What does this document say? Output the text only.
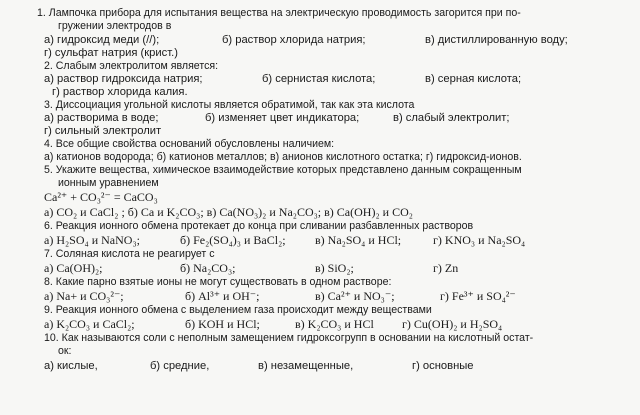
1. Лампочка прибора для испытания вещества на электрическую проводимость загорится при по-
гружении электродов в
а) гидроксид меди (//);	б) раствор хлорида натрия;	в) дистиллированную воду;
г) сульфат натрия (крист.)
2. Слабым электролитом является:
а) раствор гидроксида натрия;	б) сернистая кислота;	в) серная кислота;
г) раствор хлорида калия.
3. Диссоциация угольной кислоты является обратимой, так как эта кислота
а) растворима в воде;	б) изменяет цвет индикатора;	в) слабый электролит;
г) сильный электролит
4. Все общие свойства оснований обусловлены наличием:
а) катионов водорода; б) катионов металлов; в) анионов кислотного остатка; г) гидроксид-ионов.
5. Укажите вещества, химическое взаимодействие которых представлено данным сокращенным
ионным уравнением
Ca²⁺ + CO₃²⁻ = CaCO₃
а) CO₂ и CaCl₂ ; б) Ca и K₂CO₃; в) Ca(NO₃)₂ и Na₂CO₃; в) Ca(OH)₂ и CO₂
6. Реакция ионного обмена протекает до конца при сливании разбавленных растворов
а) H₂SO₄ и NaNO₃;	б) Fe₂(SO₄)₃ и BaCl₂; в) Na₂SO₄ и HCl;	г) KNO₃ и Na₂SO₄
7. Соляная кислота не реагирует с
а) Ca(OH)₂;	б) Na₂CO₃;	в) SiO₂;	г) Zn
8. Какие парно взятые ионы не могут существовать в одном растворе:
а) Na+ и CO₃²⁻;	б) Al³⁺ и OH⁻;	в) Ca²⁺ и NO₃⁻;	г) Fe³⁺ и SO₄²⁻
9. Реакция ионного обмена с выделением газа происходит между веществами
а) K₂CO₃ и CaCl₂;	б) KOH и HCl;	в) K₂CO₃ и HCl г) Cu(OH)₂ и H₂SO₄
10. Как называются соли с неполным замещением гидроксогрупп в основании на кислотный остат-
ок:
а) кислые,	б) средние,	в) незамещенные,	г) основные
